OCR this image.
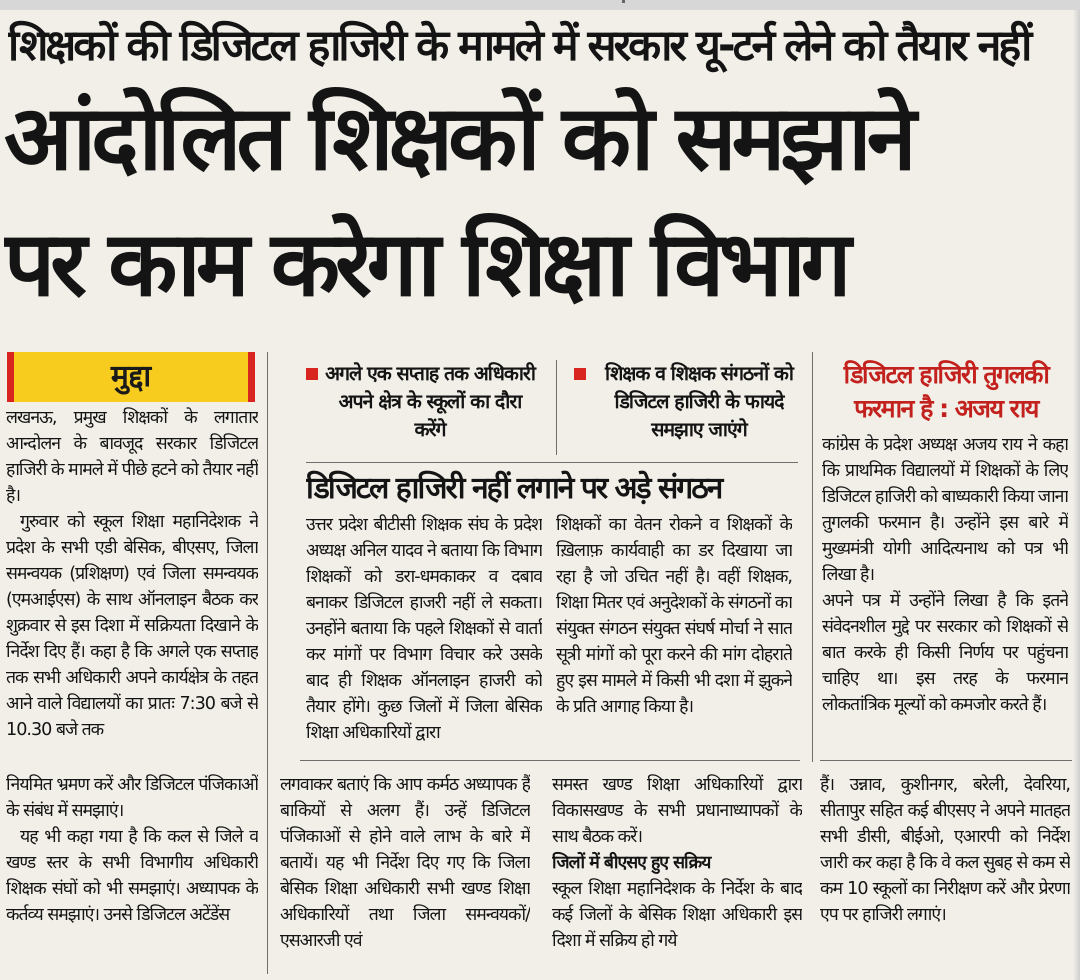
शिक्षकों की डिजिटल हाजिरी के मामले में सरकार यू-टर्न लेने को तैयार नहीं
आंदोलित शिक्षकों को समझाने
पर काम करेगा शिक्षा विभाग
मुद्दा

लखनऊ, प्रमुख शिक्षकों के लगातार आन्दोलन के बावजूद सरकार डिजिटल हाजिरी के मामले में पीछे हटने को तैयार नहीं है।

गुरुवार को स्कूल शिक्षा महानिदेशक ने प्रदेश के सभी एडी बेसिक, बीएसए, जिला समन्वयक (प्रशिक्षण) एवं जिला समन्वयक (एमआईएस) के साथ ऑनलाइन बैठक कर शुक्रवार से इस दिशा में सक्रियता दिखाने के निर्देश दिए हैं। कहा है कि अगले एक सप्ताह तक सभी अधिकारी अपने कार्यक्षेत्र के तहत आने वाले विद्यालयों का प्रातः 7:30 बजे से 10.30 बजे तक

नियमित भ्रमण करें और डिजिटल पंजिकाओं के संबंध में समझाएं।

यह भी कहा गया है कि कल से जिले व खण्ड स्तर के सभी विभागीय अधिकारी शिक्षक संघों को भी समझाएं। अध्यापक के कर्तव्य समझाएं। उनसे डिजिटल अटेंडेंस

अगले एक सप्ताह तक अधिकारी अपने क्षेत्र के स्कूलों का दौरा करेंगे
शिक्षक व शिक्षक संगठनों को डिजिटल हाजिरी के फायदे समझाए जाएंगे
डिजिटल हाजिरी नहीं लगाने पर अड़े संगठन

उत्तर प्रदेश बीटीसी शिक्षक संघ के प्रदेश अध्यक्ष अनिल यादव ने बताया कि विभाग शिक्षकों को डरा-धमकाकर व दबाव बनाकर डिजिटल हाजरी नहीं ले सकता। उनहोंने बताया कि पहले शिक्षकों से वार्ता कर मांगों पर विभाग विचार करे उसके बाद ही शिक्षक ऑनलाइन हाजरी को तैयार होंगे। कुछ जिलों में जिला बेसिक शिक्षा अधिकारियों द्वारा

शिक्षकों का वेतन रोकने व शिक्षकों के ख़िलाफ़ कार्यवाही का डर दिखाया जा रहा है जो उचित नहीं है। वहीं शिक्षक, शिक्षा मितर एवं अनुदेशकों के संगठनों का संयुक्त संगठन संयुक्त संघर्ष मोर्चा ने सात सूत्री मांगों को पूरा करने की मांग दोहराते हुए इस मामले में किसी भी दशा में झुकने के प्रति आगाह किया है।

डिजिटल हाजिरी तुगलकी फरमान है : अजय राय

कांग्रेस के प्रदेश अध्यक्ष अजय राय ने कहा कि प्राथमिक विद्यालयों में शिक्षकों के लिए डिजिटल हाजिरी को बाध्यकारी किया जाना तुगलकी फरमान है। उन्होंने इस बारे में मुख्यमंत्री योगी आदित्यनाथ को पत्र भी लिखा है।

अपने पत्र में उन्होंने लिखा है कि इतने संवेदनशील मुद्दे पर सरकार को शिक्षकों से बात करके ही किसी निर्णय पर पहुंचना चाहिए था। इस तरह के फरमान लोकतांत्रिक मूल्यों को कमजोर करते हैं।

लगवाकर बताएं कि आप कर्मठ अध्यापक हैं बाकियों से अलग हैं। उन्हें डिजिटल पंजिकाओं से होने वाले लाभ के बारे में बतायें। यह भी निर्देश दिए गए कि जिला बेसिक शिक्षा अधिकारी सभी खण्ड शिक्षा अधिकारियों तथा जिला समन्वयकों/एसआरजी एवं

समस्त खण्ड शिक्षा अधिकारियों द्वारा विकासखण्ड के सभी प्रधानाध्यापकों के साथ बैठक करें।

जिलों में बीएसए हुए सक्रिय

स्कूल शिक्षा महानिदेशक के निर्देश के बाद कई जिलों के बेसिक शिक्षा अधिकारी इस दिशा में सक्रिय हो गये

हैं। उन्नाव, कुशीनगर, बरेली, देवरिया, सीतापुर सहित कई बीएसए ने अपने मातहत सभी डीसी, बीईओ, एआरपी को निर्देश जारी कर कहा है कि वे कल सुबह से कम से कम 10 स्कूलों का निरीक्षण करें और प्रेरणा एप पर हाजिरी लगाएं।
